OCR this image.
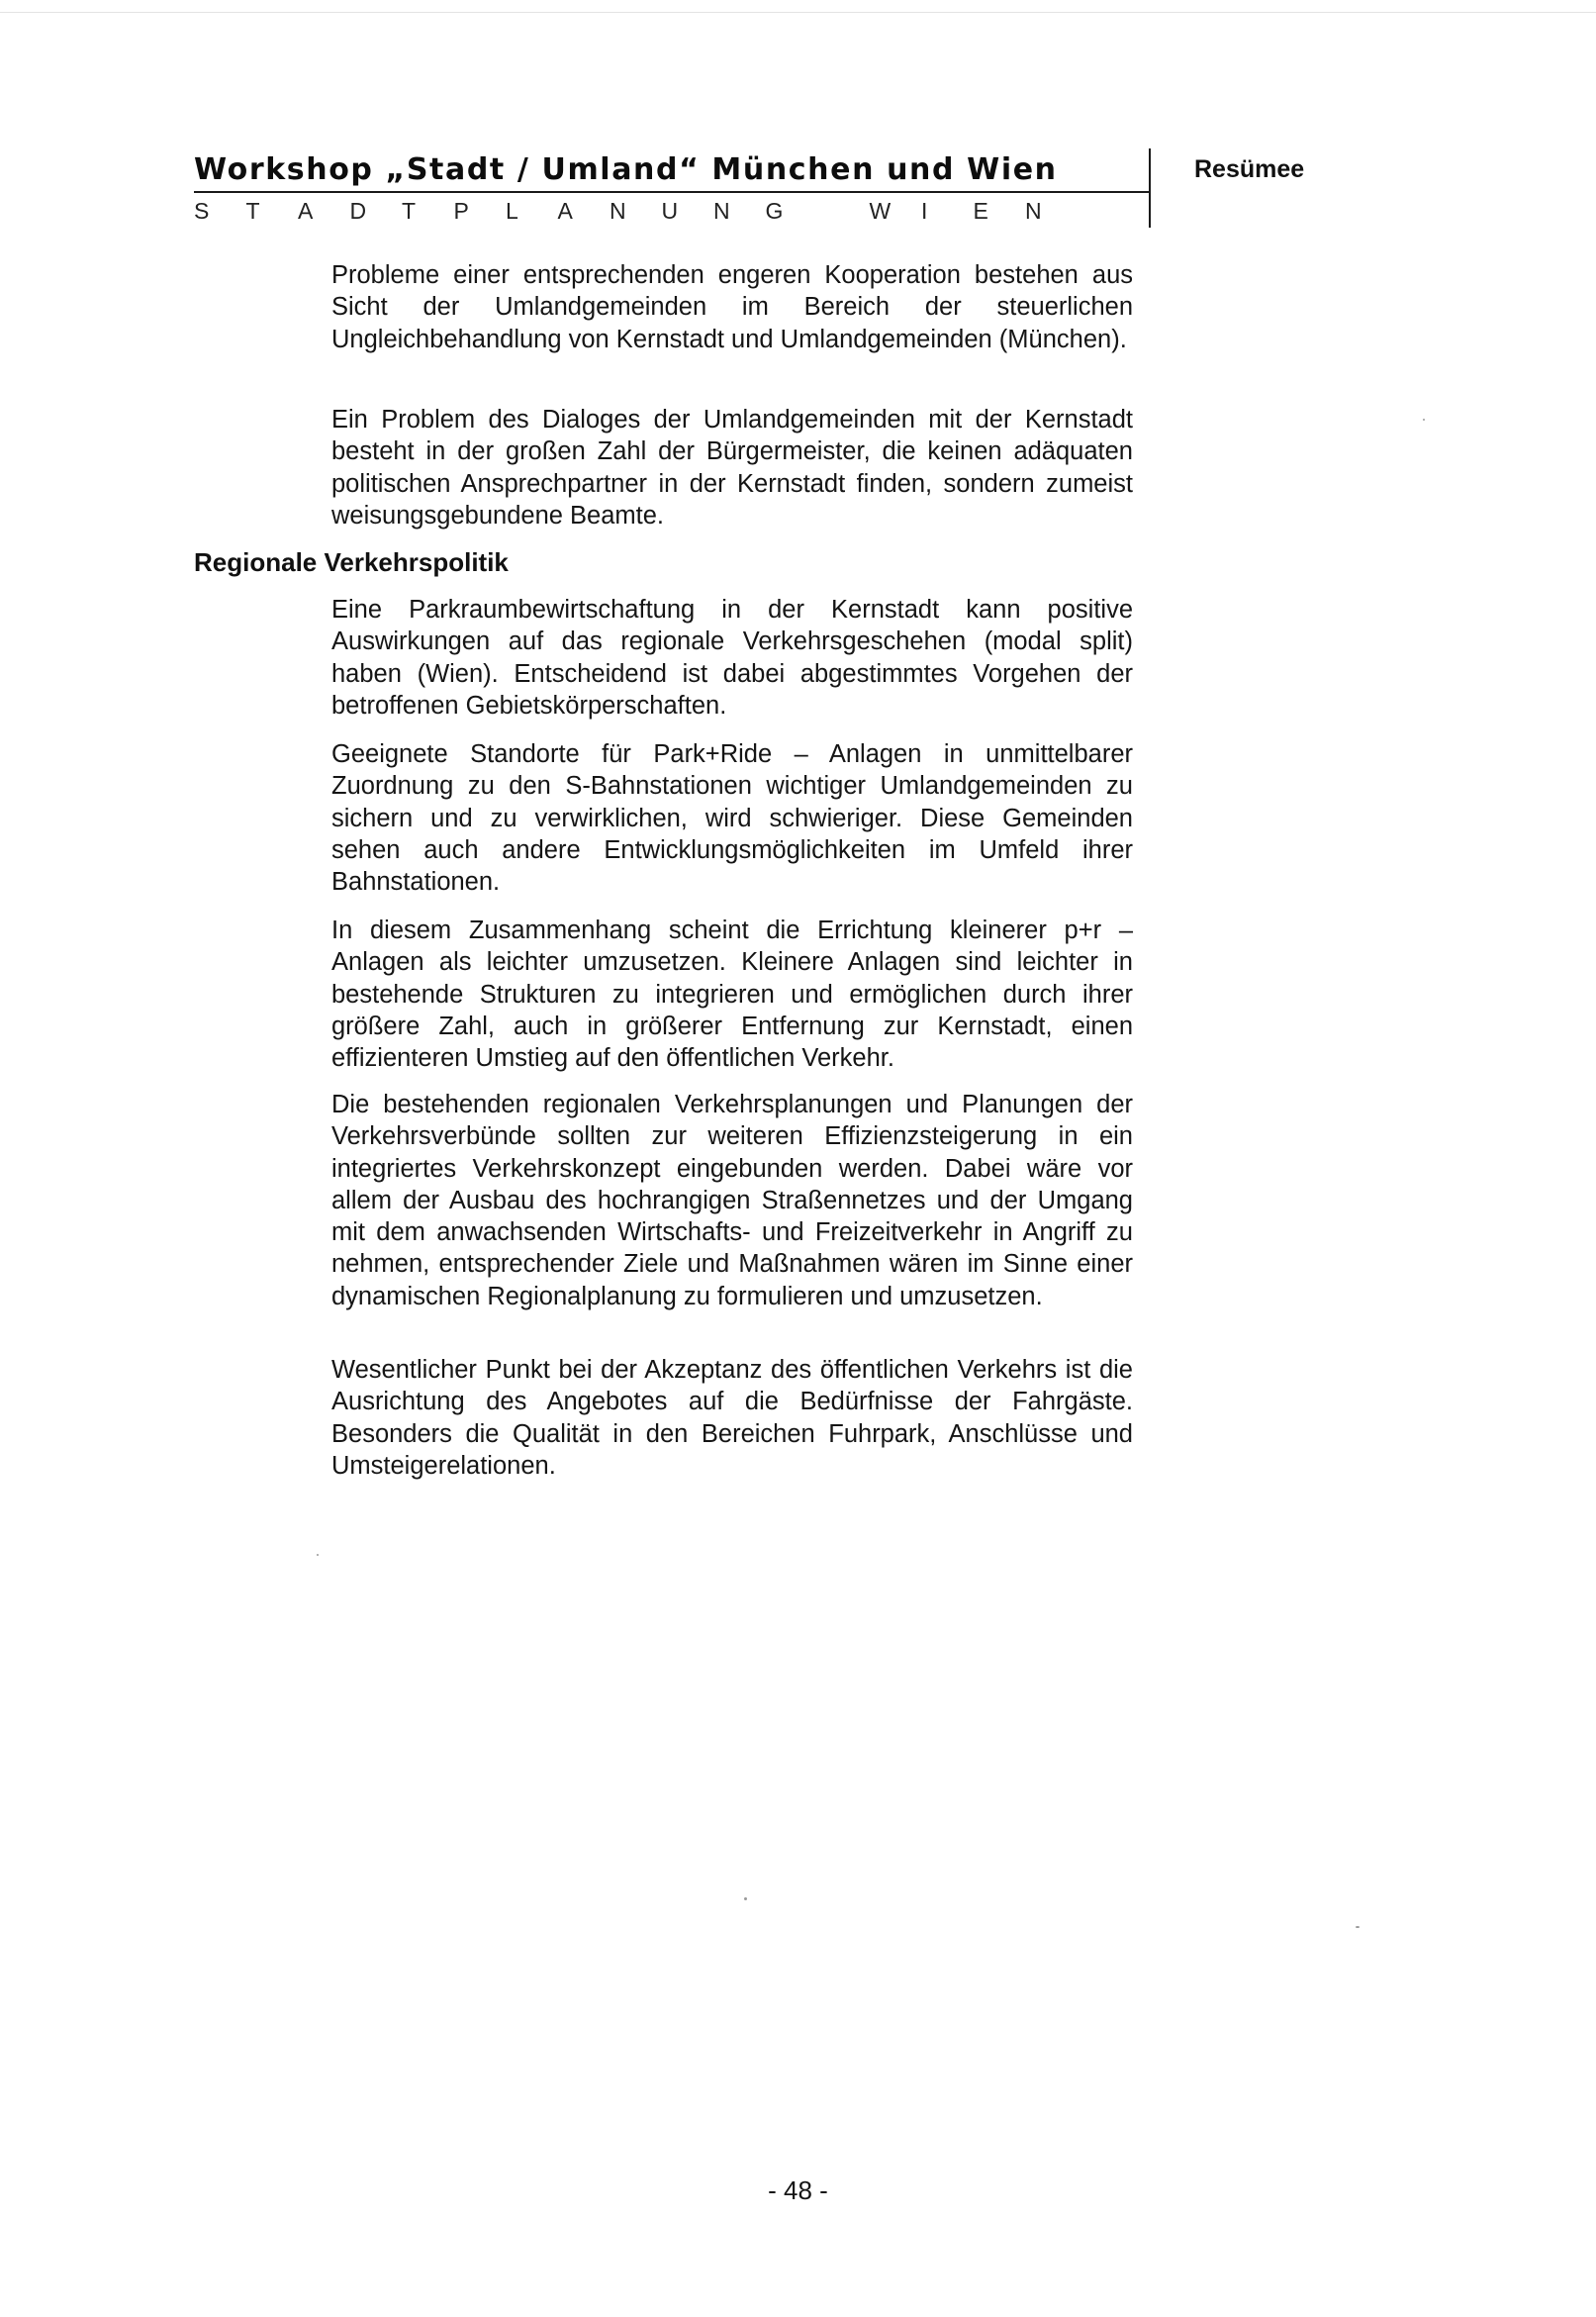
Workshop „Stadt / Umland“ München und Wien
S	T	A	D	T	P	L	A	N	U	N	G	W	I	E	N
Resümee

Probleme einer entsprechenden engeren Kooperation bestehen aus Sicht der Umlandgemeinden im Bereich der steuerlichen Ungleichbehandlung von Kernstadt und Umlandgemeinden (München).

Ein Problem des Dialoges der Umlandgemeinden mit der Kernstadt besteht in der großen Zahl der Bürgermeister, die keinen adäquaten politischen Ansprechpartner in der Kernstadt finden, sondern zumeist weisungsgebundene Beamte.

Regionale Verkehrspolitik

Eine Parkraumbewirtschaftung in der Kernstadt kann positive Auswirkungen auf das regionale Verkehrsgeschehen (modal split) haben (Wien). Entscheidend ist dabei abgestimmtes Vorgehen der betroffenen Gebietskörperschaften.

Geeignete Standorte für Park+Ride – Anlagen in unmittelbarer Zuordnung zu den S-Bahnstationen wichtiger Umlandgemeinden zu sichern und zu verwirklichen, wird schwieriger. Diese Gemeinden sehen auch andere Entwicklungsmöglichkeiten im Umfeld ihrer Bahnstationen.

In diesem Zusammenhang scheint die Errichtung kleinerer p+r – Anlagen als leichter umzusetzen. Kleinere Anlagen sind leichter in bestehende Strukturen zu integrieren und ermöglichen durch ihrer größere Zahl, auch in größerer Entfernung zur Kernstadt, einen effizienteren Umstieg auf den öffentlichen Verkehr.

Die bestehenden regionalen Verkehrsplanungen und Planungen der Verkehrsverbünde sollten zur weiteren Effizienzsteigerung in ein integriertes Verkehrskonzept eingebunden werden. Dabei wäre vor allem der Ausbau des hochrangigen Straßennetzes und der Umgang mit dem anwachsenden Wirtschafts- und Freizeitverkehr in Angriff zu nehmen, entsprechender Ziele und Maßnahmen wären im Sinne einer dynamischen Regionalplanung zu formulieren und umzusetzen.

Wesentlicher Punkt bei der Akzeptanz des öffentlichen Verkehrs ist die Ausrichtung des Angebotes auf die Bedürfnisse der Fahrgäste. Besonders die Qualität in den Bereichen Fuhrpark, Anschlüsse und Umsteigerelationen.

- 48 -
